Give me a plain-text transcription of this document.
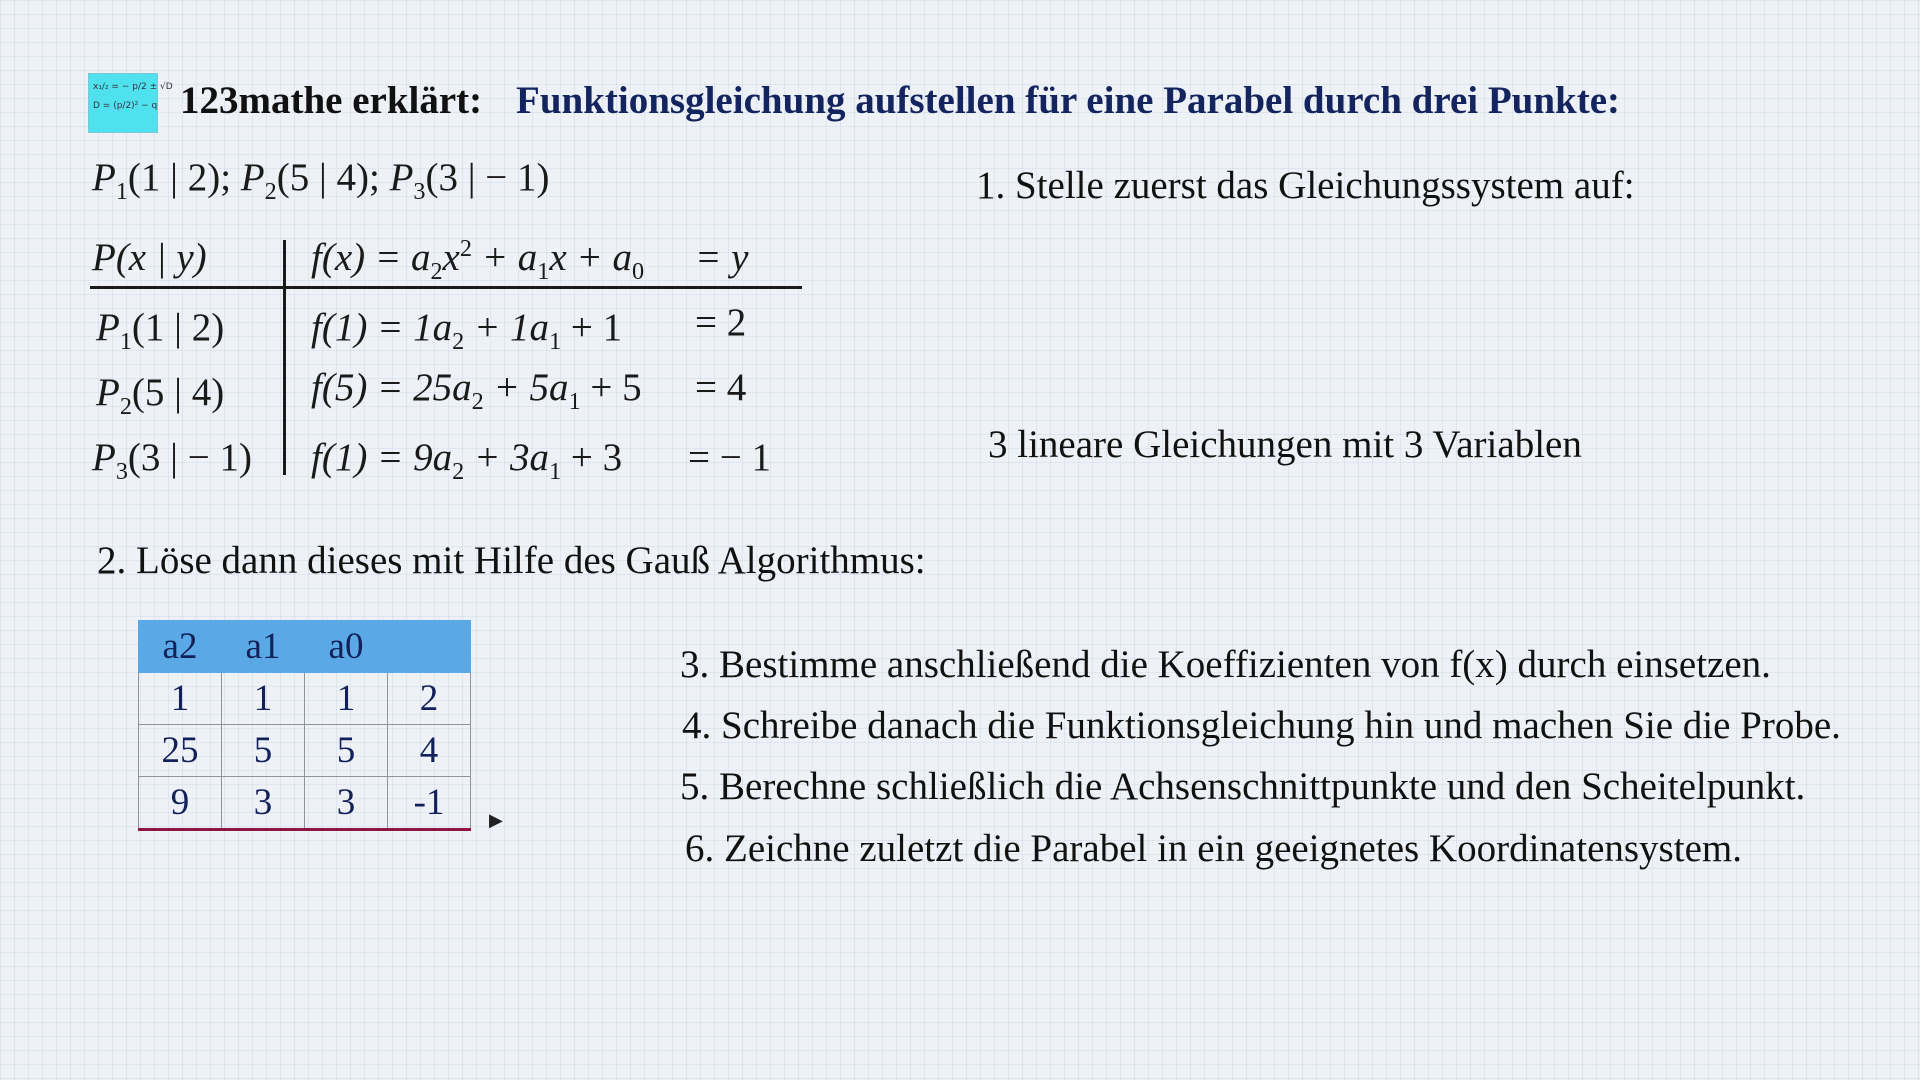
x₁/₂ = − p/2 ± √D
D = (p/2)² − q 123mathe erklärt: Funktionsgleichung aufstellen für eine Parabel durch drei Punkte:
$P_1(1$ | 2); $P_2(5$ | 4); $P_3(3$ | − 1)
P(x | y)	$f(x) = a_2x^2 + a_1x + a_0 = y$
$P_1(1$ | 2) $f(1) = 1a_2 + 1a_1 + 1 = 2$
$P_2(5$ | 4) $f(5) = 25a_2 + 5a_1 + 5 = 4$
$P_3(3$ | − 1) $f(1) = 9a_2 + 3a_1 + 3$ = − 1
1. Stelle zuerst das Gleichungssystem auf:
3 lineare Gleichungen mit 3 Variablen
2. Löse dann dieses mit Hilfe des Gauß Algorithmus:
3. Bestimme anschließend die Koeffizienten von f(x) durch einsetzen.
4. Schreibe danach die Funktionsgleichung hin und machen Sie die Probe.
5. Berechne schließlich die Achsenschnittpunkte und den Scheitelpunkt.
6. Zeichne zuletzt die Parabel in ein geeignetes Koordinatensystem.
a2	a1	a0	
1	1	1	2
25	5	5	4
9	3	3	-1 ▶
